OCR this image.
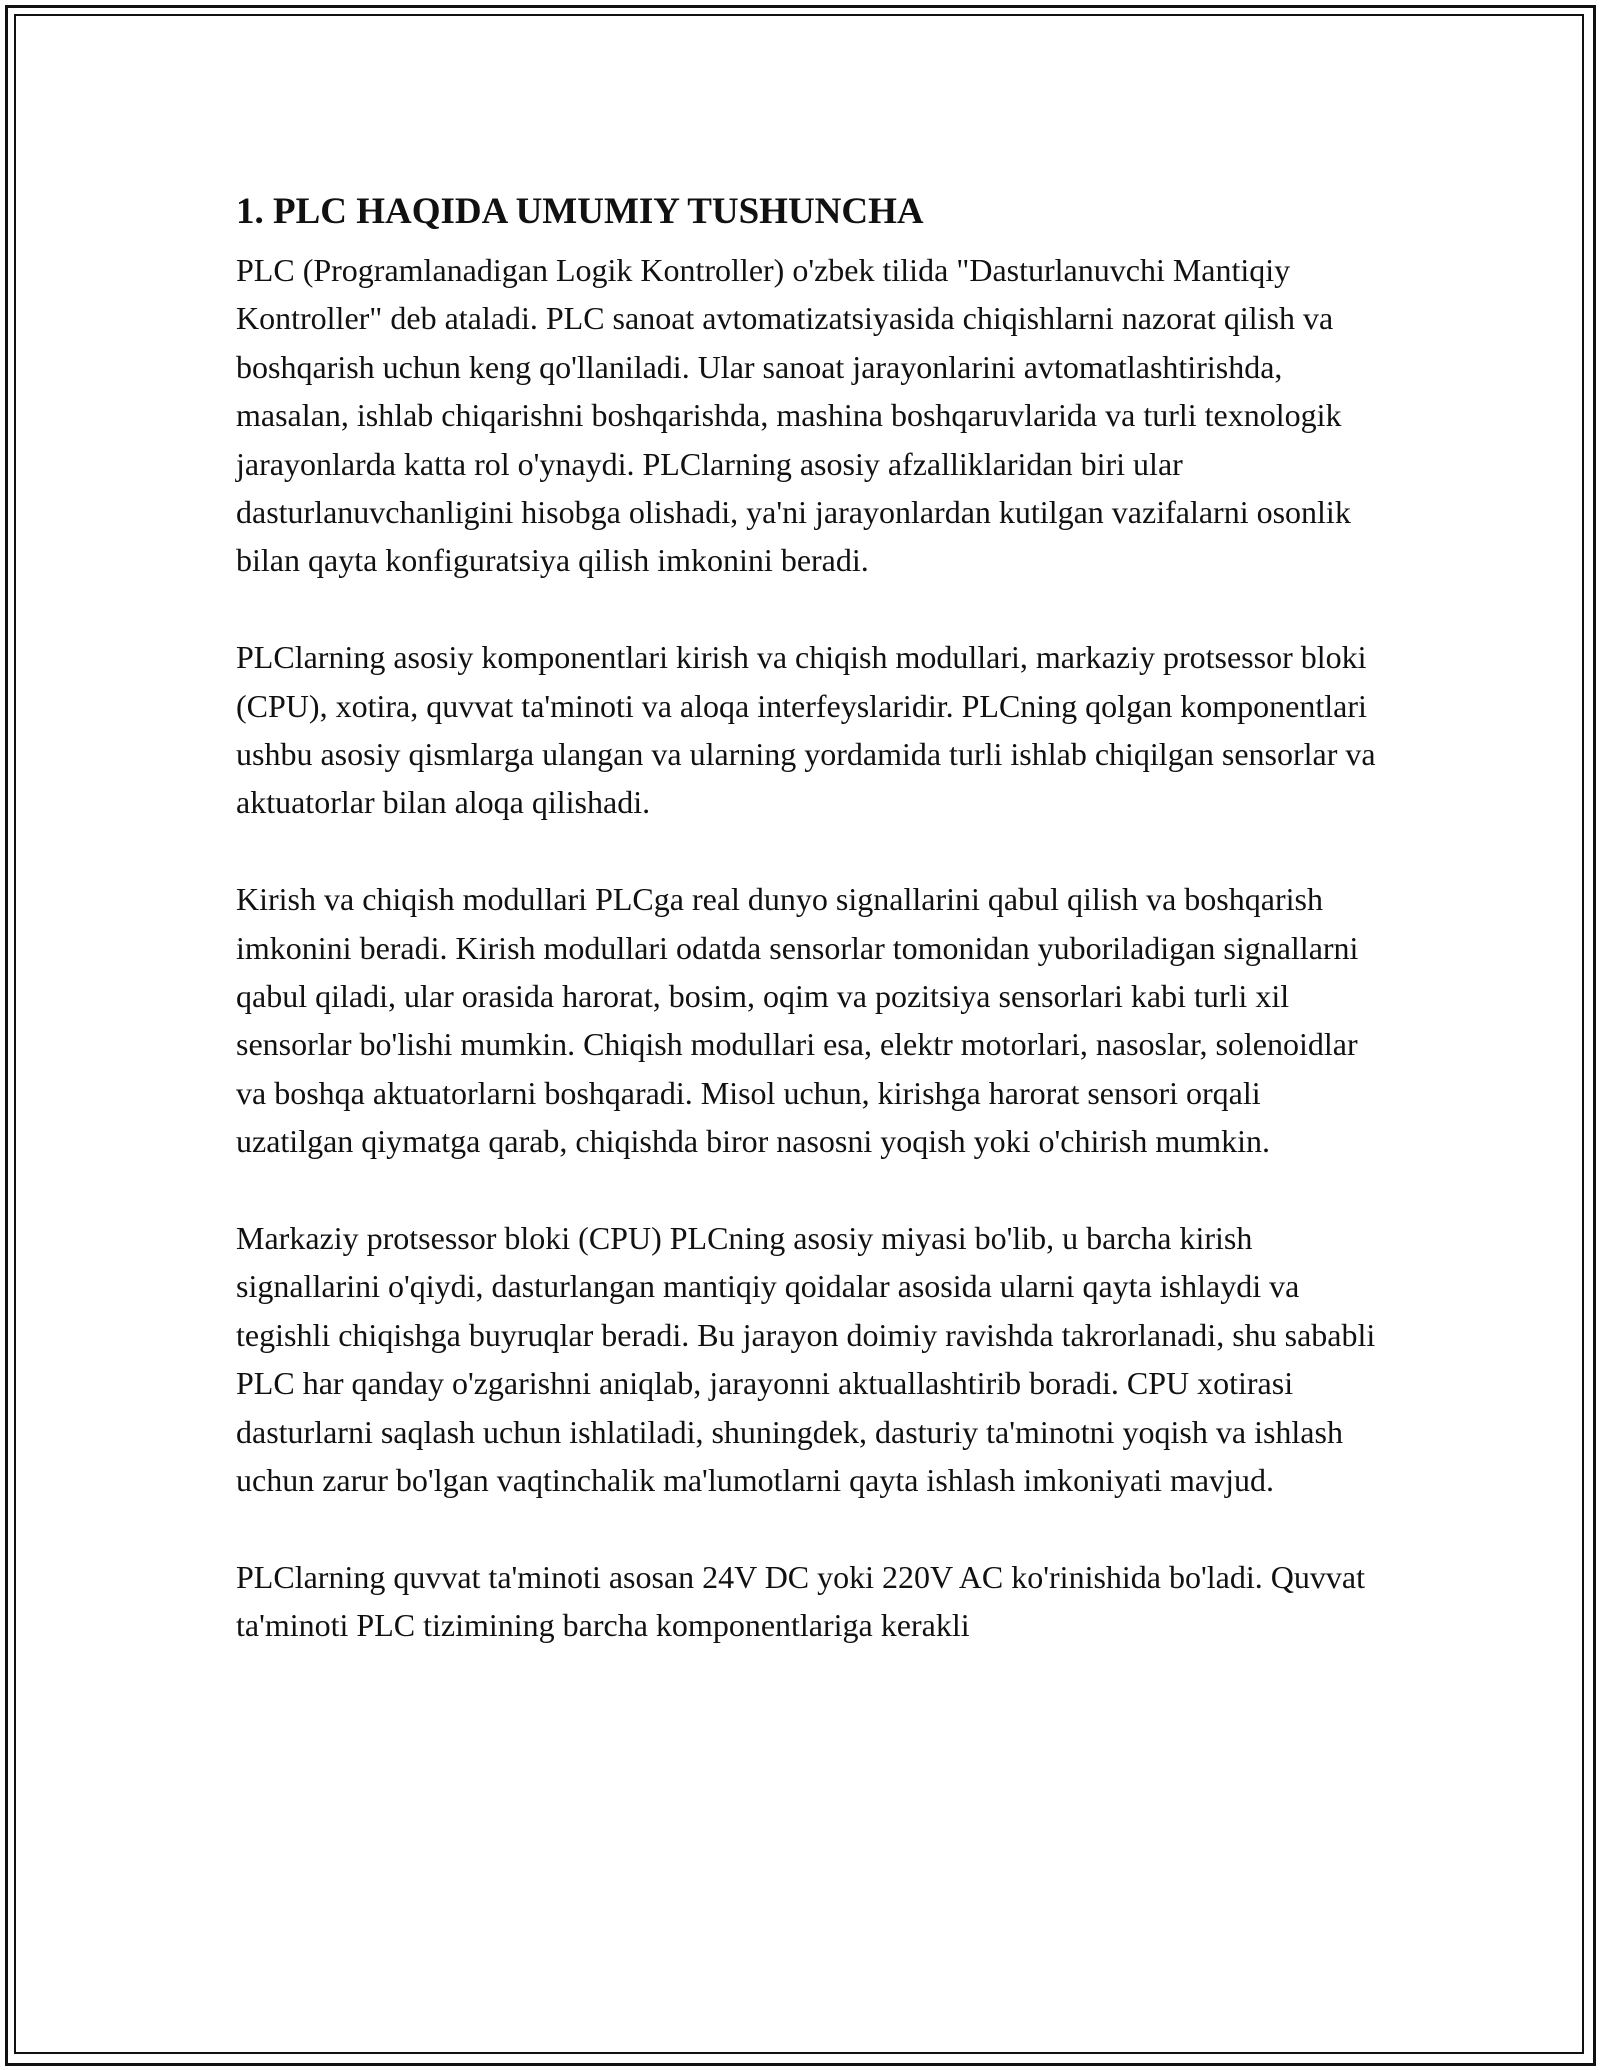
1. PLC HAQIDA UMUMIY TUSHUNCHA

PLC (Programlanadigan Logik Kontroller) o'zbek tilida "Dasturlanuvchi Mantiqiy Kontroller" deb ataladi. PLC sanoat avtomatizatsiyasida chiqishlarni nazorat qilish va boshqarish uchun keng qo'llaniladi. Ular sanoat jarayonlarini avtomatlashtirishda, masalan, ishlab chiqarishni boshqarishda, mashina boshqaruvlarida va turli texnologik jarayonlarda katta rol o'ynaydi. PLClarning asosiy afzalliklaridan biri ular dasturlanuvchanligini hisobga olishadi, ya'ni jarayonlardan kutilgan vazifalarni osonlik bilan qayta konfiguratsiya qilish imkonini beradi.

PLClarning asosiy komponentlari kirish va chiqish modullari, markaziy protsessor bloki (CPU), xotira, quvvat ta'minoti va aloqa interfeyslaridir. PLCning qolgan komponentlari ushbu asosiy qismlarga ulangan va ularning yordamida turli ishlab chiqilgan sensorlar va aktuatorlar bilan aloqa qilishadi.

Kirish va chiqish modullari PLCga real dunyo signallarini qabul qilish va boshqarish imkonini beradi. Kirish modullari odatda sensorlar tomonidan yuboriladigan signallarni qabul qiladi, ular orasida harorat, bosim, oqim va pozitsiya sensorlari kabi turli xil sensorlar bo'lishi mumkin. Chiqish modullari esa, elektr motorlari, nasoslar, solenoidlar va boshqa aktuatorlarni boshqaradi. Misol uchun, kirishga harorat sensori orqali uzatilgan qiymatga qarab, chiqishda biror nasosni yoqish yoki o'chirish mumkin.

Markaziy protsessor bloki (CPU) PLCning asosiy miyasi bo'lib, u barcha kirish signallarini o'qiydi, dasturlangan mantiqiy qoidalar asosida ularni qayta ishlaydi va tegishli chiqishga buyruqlar beradi. Bu jarayon doimiy ravishda takrorlanadi, shu sababli PLC har qanday o'zgarishni aniqlab, jarayonni aktuallashtirib boradi. CPU xotirasi dasturlarni saqlash uchun ishlatiladi, shuningdek, dasturiy ta'minotni yoqish va ishlash uchun zarur bo'lgan vaqtinchalik ma'lumotlarni qayta ishlash imkoniyati mavjud.

PLClarning quvvat ta'minoti asosan 24V DC yoki 220V AC ko'rinishida bo'ladi. Quvvat ta'minoti PLC tizimining barcha komponentlariga kerakli
